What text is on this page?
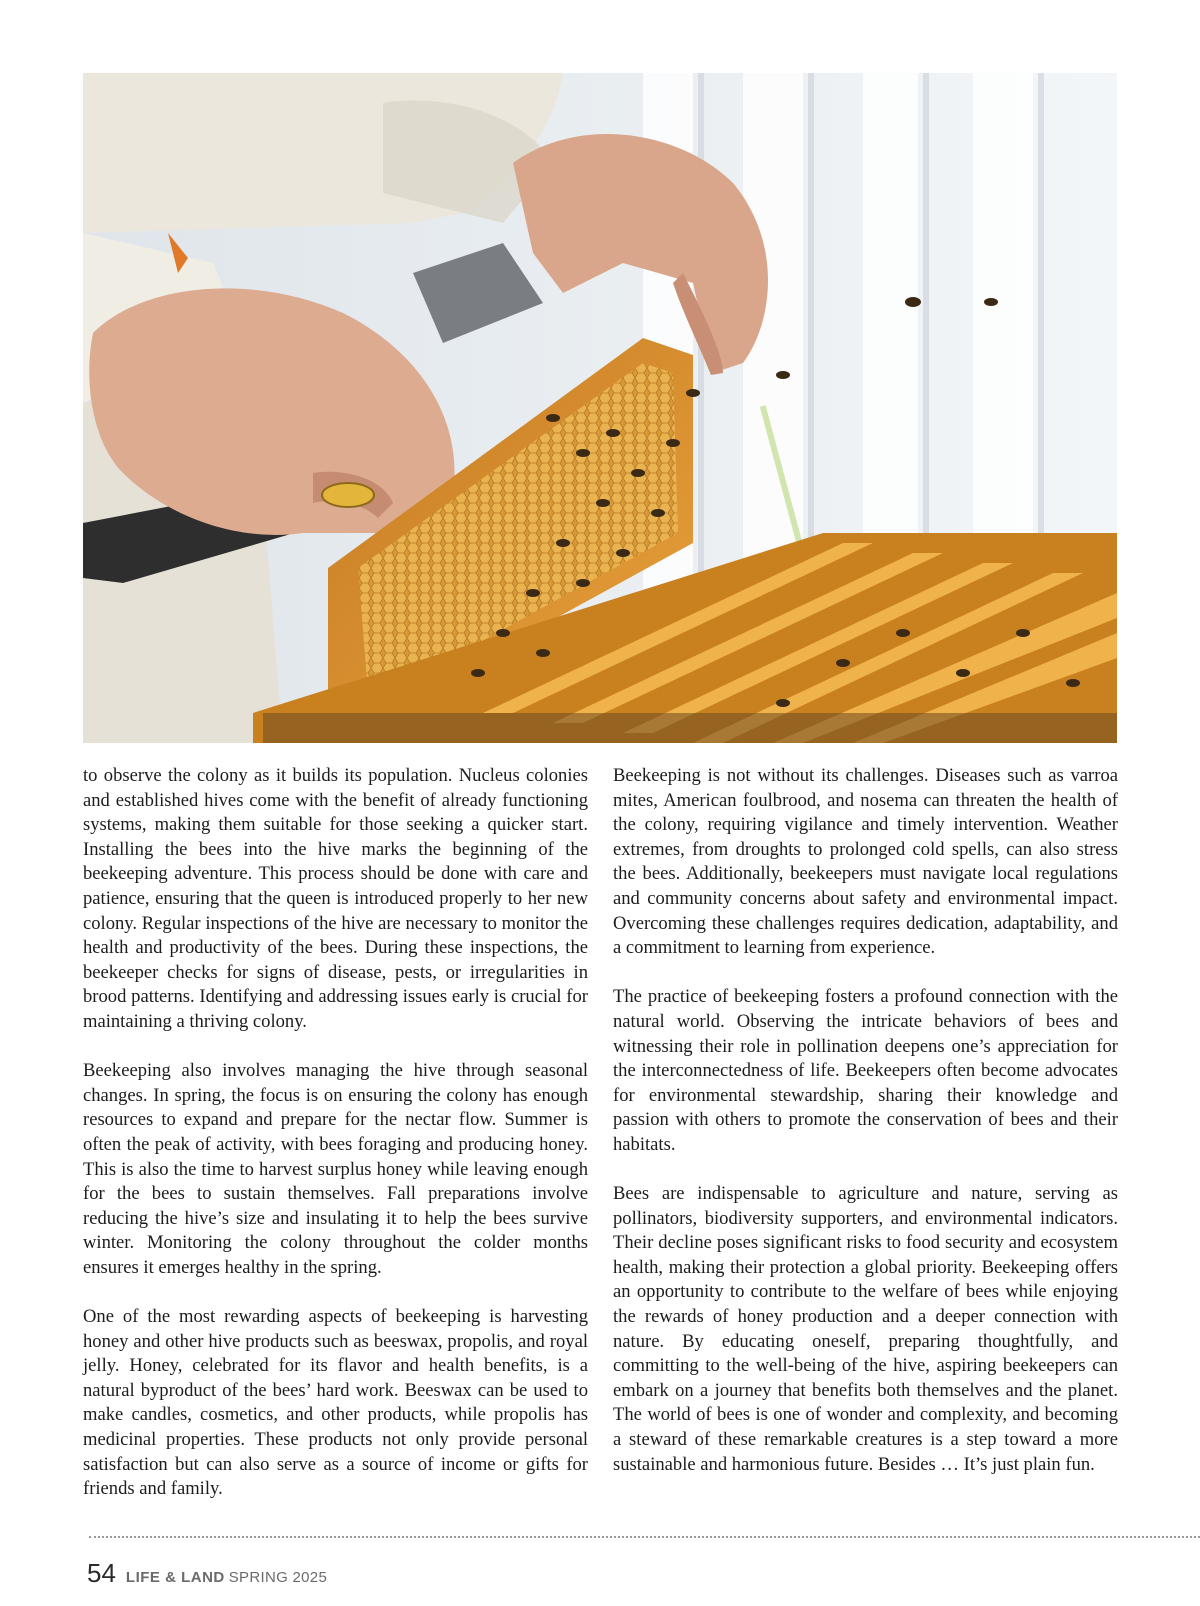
to observe the colony as it builds its population. Nucleus colonies and established hives come with the benefit of already functioning systems, making them suitable for those seeking a quicker start. Installing the bees into the hive marks the beginning of the beekeeping adventure. This process should be done with care and patience, ensuring that the queen is introduced properly to her new colony. Regular inspections of the hive are necessary to monitor the health and productivity of the bees. During these inspections, the beekeeper checks for signs of disease, pests, or irregularities in brood patterns. Identifying and addressing issues early is crucial for maintaining a thriving colony.

Beekeeping also involves managing the hive through seasonal changes. In spring, the focus is on ensuring the colony has enough resources to expand and prepare for the nectar flow. Summer is often the peak of activity, with bees foraging and producing honey. This is also the time to harvest surplus honey while leaving enough for the bees to sustain themselves. Fall preparations involve reducing the hive’s size and insulating it to help the bees survive winter. Monitoring the colony throughout the colder months ensures it emerges healthy in the spring.

One of the most rewarding aspects of beekeeping is harvesting honey and other hive products such as beeswax, propolis, and royal jelly. Honey, celebrated for its flavor and health benefits, is a natural byproduct of the bees’ hard work. Beeswax can be used to make candles, cosmetics, and other products, while propolis has medicinal properties. These products not only provide personal satisfaction but can also serve as a source of income or gifts for friends and family.

Beekeeping is not without its challenges. Diseases such as varroa mites, American foulbrood, and nosema can threaten the health of the colony, requiring vigilance and timely intervention. Weather extremes, from droughts to prolonged cold spells, can also stress the bees. Additionally, beekeepers must navigate local regulations and community concerns about safety and environmental impact. Overcoming these challenges requires dedication, adaptability, and a commitment to learning from experience.

The practice of beekeeping fosters a profound connection with the natural world. Observing the intricate behaviors of bees and witnessing their role in pollination deepens one’s appreciation for the interconnectedness of life. Beekeepers often become advocates for environmental stewardship, sharing their knowledge and passion with others to promote the conservation of bees and their habitats.

Bees are indispensable to agriculture and nature, serving as pollinators, biodiversity supporters, and environmental indicators. Their decline poses significant risks to food security and ecosystem health, making their protection a global priority. Beekeeping offers an opportunity to contribute to the welfare of bees while enjoying the rewards of honey production and a deeper connection with nature. By educating oneself, preparing thoughtfully, and committing to the well-being of the hive, aspiring beekeepers can embark on a journey that benefits both themselves and the planet. The world of bees is one of wonder and complexity, and becoming a steward of these remarkable creatures is a step toward a more sustainable and harmonious future. Besides … It’s just plain fun.

54 LIFE & LAND SPRING 2025
